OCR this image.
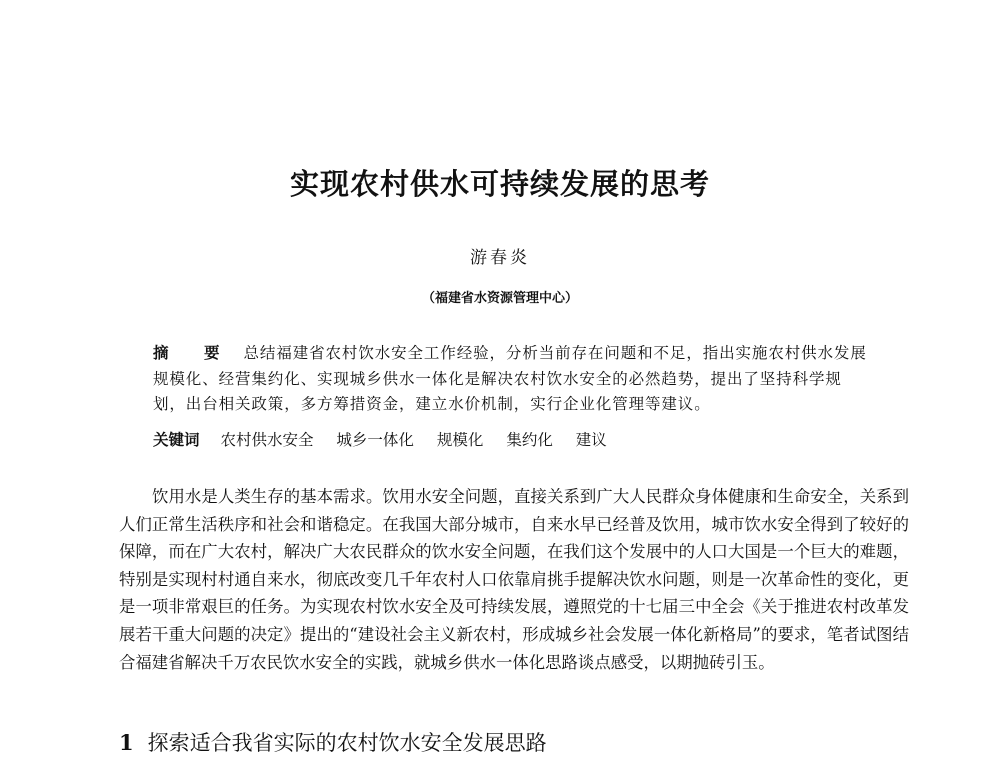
实现农村供水可持续发展的思考
游春炎
（福建省水资源管理中心）
摘　要 总结福建省农村饮水安全工作经验，分析当前存在问题和不足，指出实施农村供水发展规模化、经营集约化、实现城乡供水一体化是解决农村饮水安全的必然趋势，提出了坚持科学规划，出台相关政策，多方筹措资金，建立水价机制，实行企业化管理等建议。
关键词 农村供水安全 城乡一体化 规模化 集约化 建议

饮用水是人类生存的基本需求。饮用水安全问题，直接关系到广大人民群众身体健康和生命安全，关系到人们正常生活秩序和社会和谐稳定。在我国大部分城市，自来水早已经普及饮用，城市饮水安全得到了较好的保障，而在广大农村，解决广大农民群众的饮水安全问题，在我们这个发展中的人口大国是一个巨大的难题，特别是实现村村通自来水，彻底改变几千年农村人口依靠肩挑手提解决饮水问题，则是一次革命性的变化，更是一项非常艰巨的任务。为实现农村饮水安全及可持续发展，遵照党的十七届三中全会《关于推进农村改革发展若干重大问题的决定》提出的“建设社会主义新农村，形成城乡社会发展一体化新格局”的要求，笔者试图结合福建省解决千万农民饮水安全的实践，就城乡供水一体化思路谈点感受，以期抛砖引玉。

1 探索适合我省实际的农村饮水安全发展思路
